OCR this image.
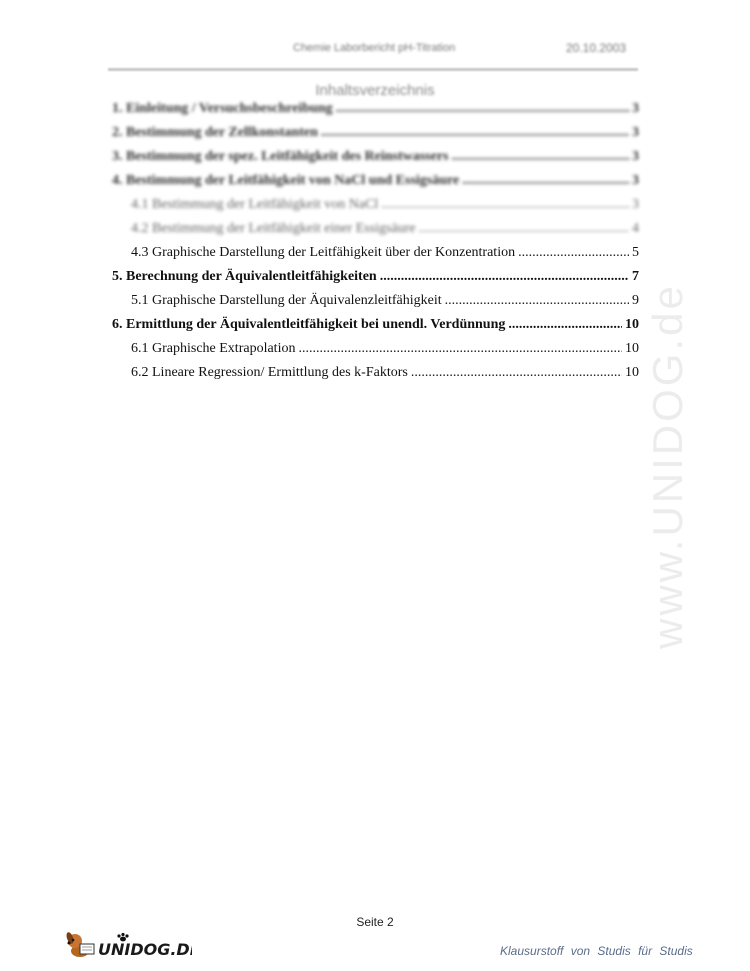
Chemie Laborbericht pH-Titration	20.10.2003
Inhaltsverzeichnis
1. Einleitung / Versuchsbeschreibung .....	3
2. Bestimmung der Zellkonstanten .....	3
3. Bestimmung der spez. Leitfähigkeit des Reinstwassers .....	3
4. Bestimmung der Leitfähigkeit von NaCl und Essigsäure .....	3
4.1 Bestimmung der Leitfähigkeit von NaCl .....	3
4.2 Bestimmung der Leitfähigkeit einer Essigsäure .....	4
4.3 Graphische Darstellung der Leitfähigkeit über der Konzentration .....	5
5. Berechnung der Äquivalentleitfähigkeiten .....	7
5.1 Graphische Darstellung der Äquivalenzleitfähigkeit .....	9
6. Ermittlung der Äquivalentleitfähigkeit bei unendl. Verdünnung .....	10
6.1 Graphische Extrapolation .....	10
6.2 Lineare Regression/ Ermittlung des k-Faktors .....	10 www.UNIDOG.de
Seite 2
UNIDOG.DE	Klausurstoff von Studis für Studis
